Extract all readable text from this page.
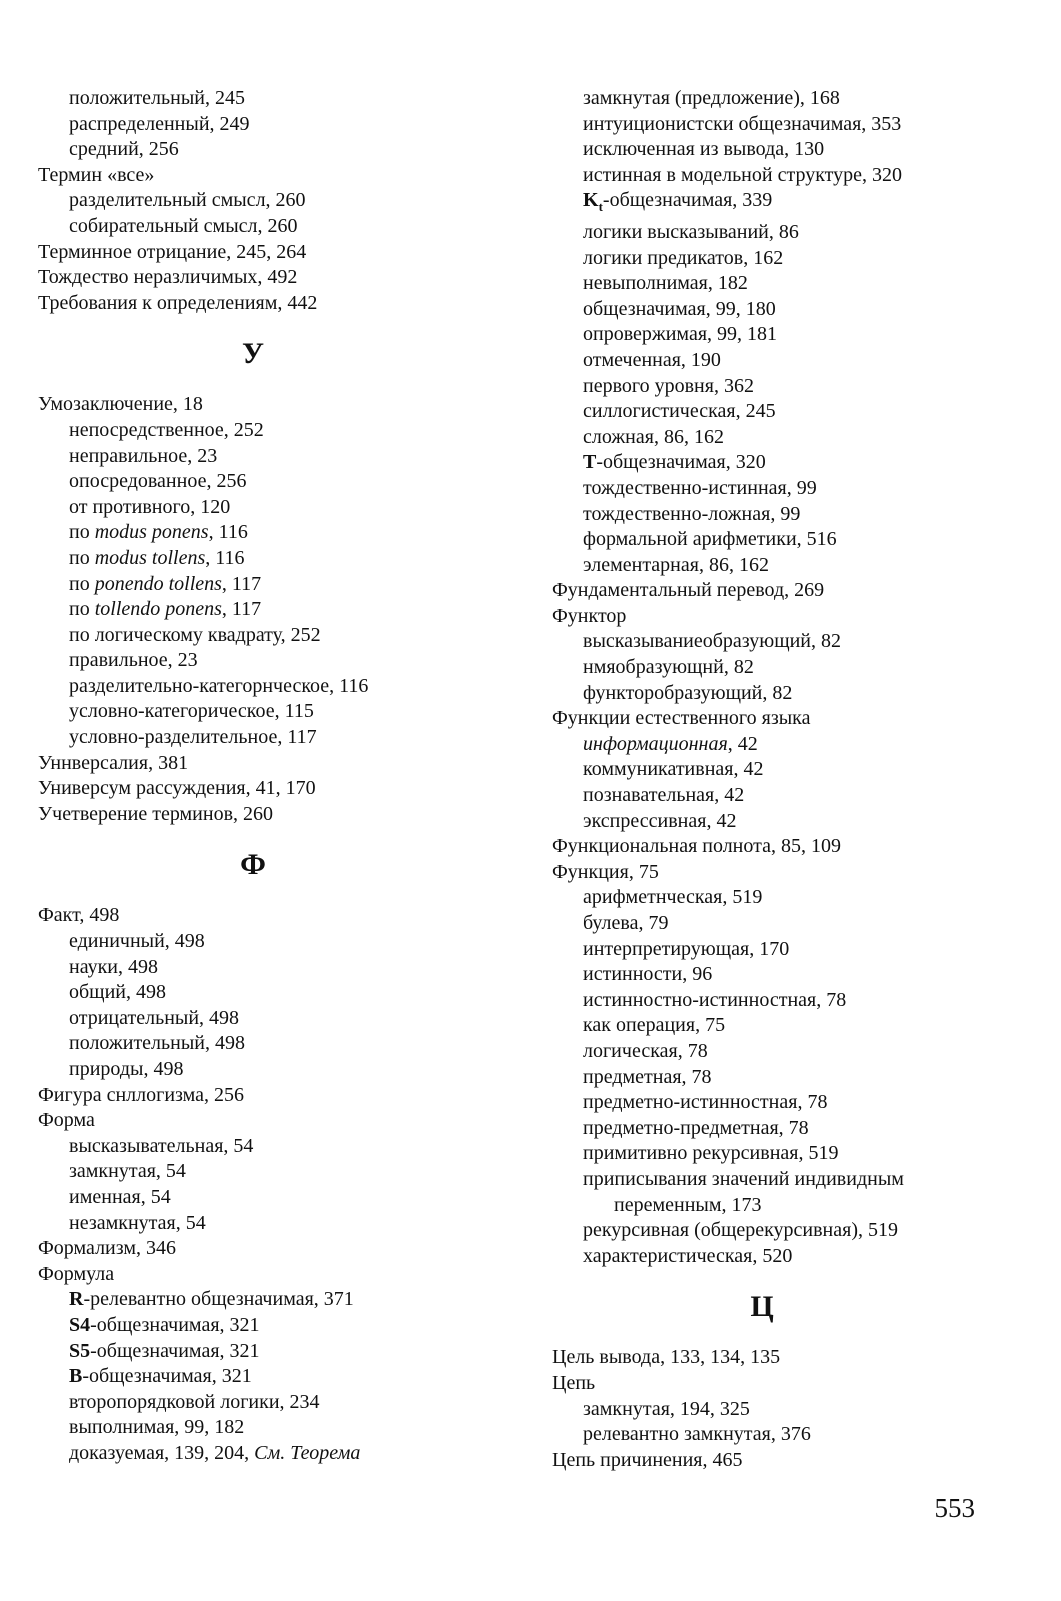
положительный, 245
распределенный, 249
средний, 256
Термин «все»
разделительный смысл, 260
собирательный смысл, 260
Терминное отрицание, 245, 264
Тождество неразличимых, 492
Требования к определениям, 442
У
Умозаключение, 18
непосредственное, 252
неправильное, 23
опосредованное, 256
от противного, 120
по modus ponens, 116
по modus tollens, 116
по ponendo tollens, 117
по tollendo ponens, 117
по логическому квадрату, 252
правильное, 23
разделительно-категорнческое, 116
условно-категорическое, 115
условно-разделительное, 117
Уннверсалия, 381
Универсум рассуждения, 41, 170
Учетверение терминов, 260
Ф
Факт, 498
единичный, 498
науки, 498
общий, 498
отрицательный, 498
положительный, 498
природы, 498
Фигура снллогизма, 256
Форма
высказывательная, 54
замкнутая, 54
именная, 54
незамкнутая, 54
Формализм, 346
Формула
R-релевантно общезначимая, 371
S4-общезначимая, 321
S5-общезначимая, 321
B-общезначимая, 321
второпорядковой логики, 234
выполнимая, 99, 182
доказуемая, 139, 204, См. Теорема
замкнутая (предложение), 168
интуиционистски общезначимая, 353
исключенная из вывода, 130
истинная в модельной структуре, 320
$K_t$-общезначимая, 339
логики высказываний, 86
логики предикатов, 162
невыполнимая, 182
общезначимая, 99, 180
опровержимая, 99, 181
отмеченная, 190
первого уровня, 362
силлогистическая, 245
сложная, 86, 162
T-общезначимая, 320
тождественно-истинная, 99
тождественно-ложная, 99
формальной арифметики, 516
элементарная, 86, 162
Фундаментальный перевод, 269
Функтор
высказываниеобразующий, 82
нмяобразующнй, 82
функторобразующий, 82
Функции естественного языка
информационная, 42
коммуникативная, 42
познавательная, 42
экспрессивная, 42
Функциональная полнота, 85, 109
Функция, 75
арифметнческая, 519
булева, 79
интерпретирующая, 170
истинности, 96
истинностно-истинностная, 78
как операция, 75
логическая, 78
предметная, 78
предметно-истинностная, 78
предметно-предметная, 78
примитивно рекурсивная, 519
приписывания значений индивидным
переменным, 173
рекурсивная (общерекурсивная), 519
характеристическая, 520
Ц
Цель вывода, 133, 134, 135
Цепь
замкнутая, 194, 325
релевантно замкнутая, 376
Цепь причинения, 465
553
